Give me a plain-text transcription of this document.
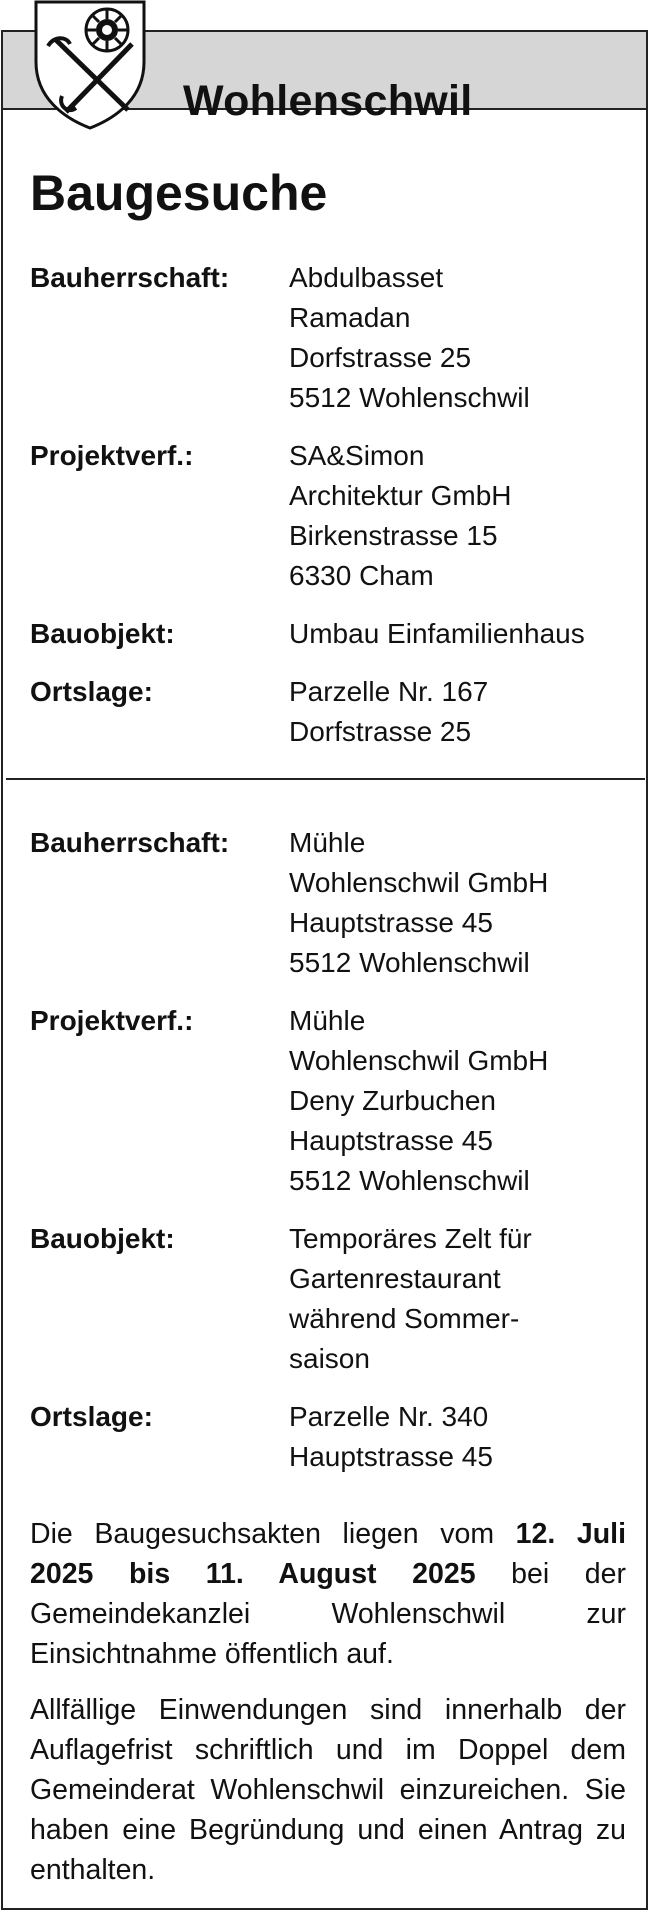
Wohlenschwil
Baugesuche
Bauherrschaft: Abdulbasset
Ramadan
Dorfstrasse 25
5512 Wohlenschwil
Projektverf.:	SA&Simon
Architektur GmbH
Birkenstrasse 15
6330 Cham
Bauobjekt:	Umbau Einfamilienhaus
Ortslage:	Parzelle Nr. 167
Dorfstrasse 25
Bauherrschaft: Mühle
Wohlenschwil GmbH
Hauptstrasse 45
5512 Wohlenschwil
Projektverf.:	Mühle
Wohlenschwil GmbH
Deny Zurbuchen
Hauptstrasse 45
5512 Wohlenschwil
Bauobjekt:	Temporäres Zelt für
Gartenrestaurant
während Sommer-
saison
Ortslage:	Parzelle Nr. 340
Hauptstrasse 45
Die Baugesuchsakten liegen vom 12. Juli 2025 bis 11. August 2025 bei der Gemeindekanzlei Wohlenschwil zur Einsichtnahme öffentlich auf.
Allfällige Einwendungen sind innerhalb der Auflagefrist schriftlich und im Doppel dem Gemeinderat Wohlenschwil einzureichen. Sie haben eine Begründung und einen Antrag zu enthalten.
